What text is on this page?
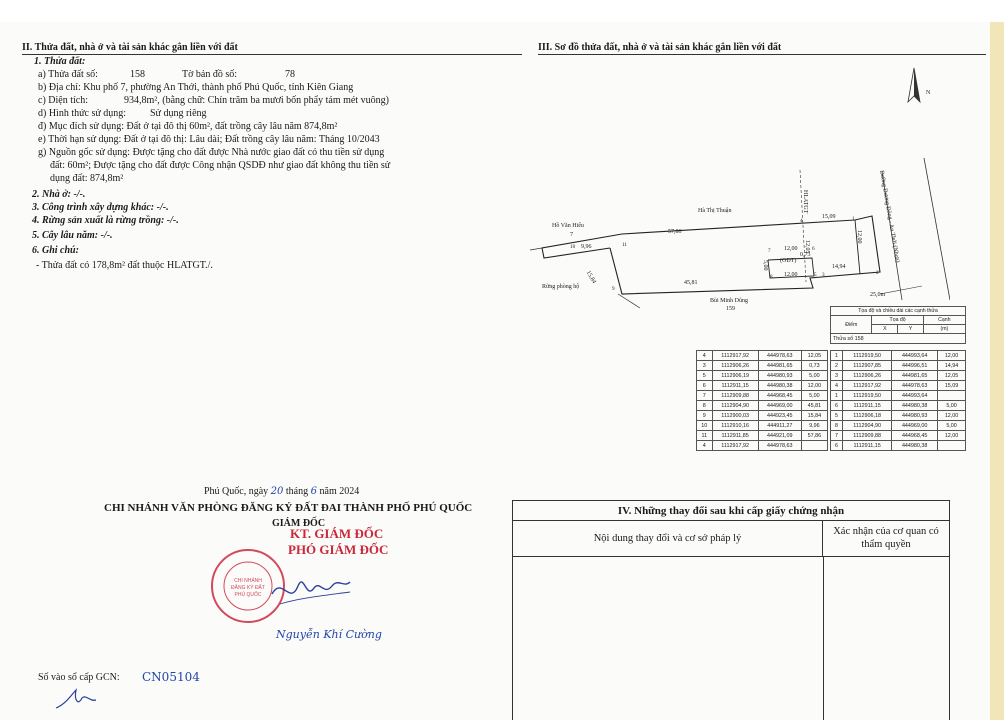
II. Thửa đất, nhà ở và tài sản khác gắn liền với đất
1. Thửa đất:
a) Thửa đất số:	158	Tờ bản đồ số:	78
b) Địa chỉ: Khu phố 7, phường An Thới, thành phố Phú Quốc, tỉnh Kiên Giang
c) Diện tích:	934,8m², (bằng chữ: Chín trăm ba mươi bốn phẩy tám mét vuông)
d) Hình thức sử dụng: Sử dụng riêng
đ) Mục đích sử dụng: Đất ở tại đô thị 60m², đất trồng cây lâu năm 874,8m²
e) Thời hạn sử dụng: Đất ở tại đô thị: Lâu dài; Đất trồng cây lâu năm: Tháng 10/2043
g) Nguồn gốc sử dụng: Được tặng cho đất được Nhà nước giao đất có thu tiền sử dụng
đất: 60m²; Được tặng cho đất được Công nhận QSDĐ như giao đất không thu tiền sử
dụng đất: 874,8m²
2. Nhà ở: -/-.
3. Công trình xây dựng khác: -/-.
4. Rừng sản xuất là rừng trồng: -/-.
5. Cây lâu năm: -/-.
6. Ghi chú:
- Thửa đất có 178,8m² đất thuộc HLATGT./.
III. Sơ đồ thửa đất, nhà ở và tài sản khác gắn liền với đất
N
Đường Dương Đông - An Thới (Nhựa)
HLATGT
Hà Thị Thuận
Hồ Văn Hiếu
7
Bùi Minh Dũng
159
Rừng phòng hộ
(ODT)
15,09
57,86
9,96	12,00
0,73
12,05
12,00
12,00
14,94
45,81
15,84
25,0m
5,00
1
2
3
4
5
6
7
8
9
10	11
Tọa độ và chiều dài các cạnh thửa			
Điểm	Tọa độ		Cạnh
	X	Y	(m)
Thửa số 158			
4	1112917,92	444978,63	12,05
3	1112906,26	444981,65	0,73
5	1112906,19	444980,93	5,00
6	1112911,15	444980,38	12,00
7	1112909,88	444968,45	5,00
8	1112904,90	444969,00	45,81
9	1112900,03	444923,45	15,84
10	1112910,16	444911,27	9,96
11	1112911,85	444921,09	57,86
4	1112917,92	444978,63	
1	1112919,50	444993,64	12,00
2	1112907,85	444996,51	14,94
3	1112906,26	444981,65	12,05
4	1112917,92	444978,63	15,09
1	1112919,50	444993,64	
6	1112911,15	444980,38	5,00
5	1112906,18	444980,93	12,00
8	1112904,90	444969,00	5,00
7	1112909,88	444968,45	12,00
6	1112911,15	444980,38	
Phú Quốc, ngày 20 tháng 6 năm 2024
CHI NHÁNH VĂN PHÒNG ĐĂNG KÝ ĐẤT ĐAI THÀNH PHỐ PHÚ QUỐC
GIÁM ĐỐC
KT. GIÁM ĐỐC
PHÓ GIÁM ĐỐC
CHI NHÁNH
ĐĂNG KÝ ĐẤT
PHÚ QUỐC
Nguyễn Khí Cường
Số vào sổ cấp GCN: CN05104
IV. Những thay đổi sau khi cấp giấy chứng nhận
Nội dung thay đổi và cơ sở pháp lý
Xác nhận của cơ quan có thẩm quyền
